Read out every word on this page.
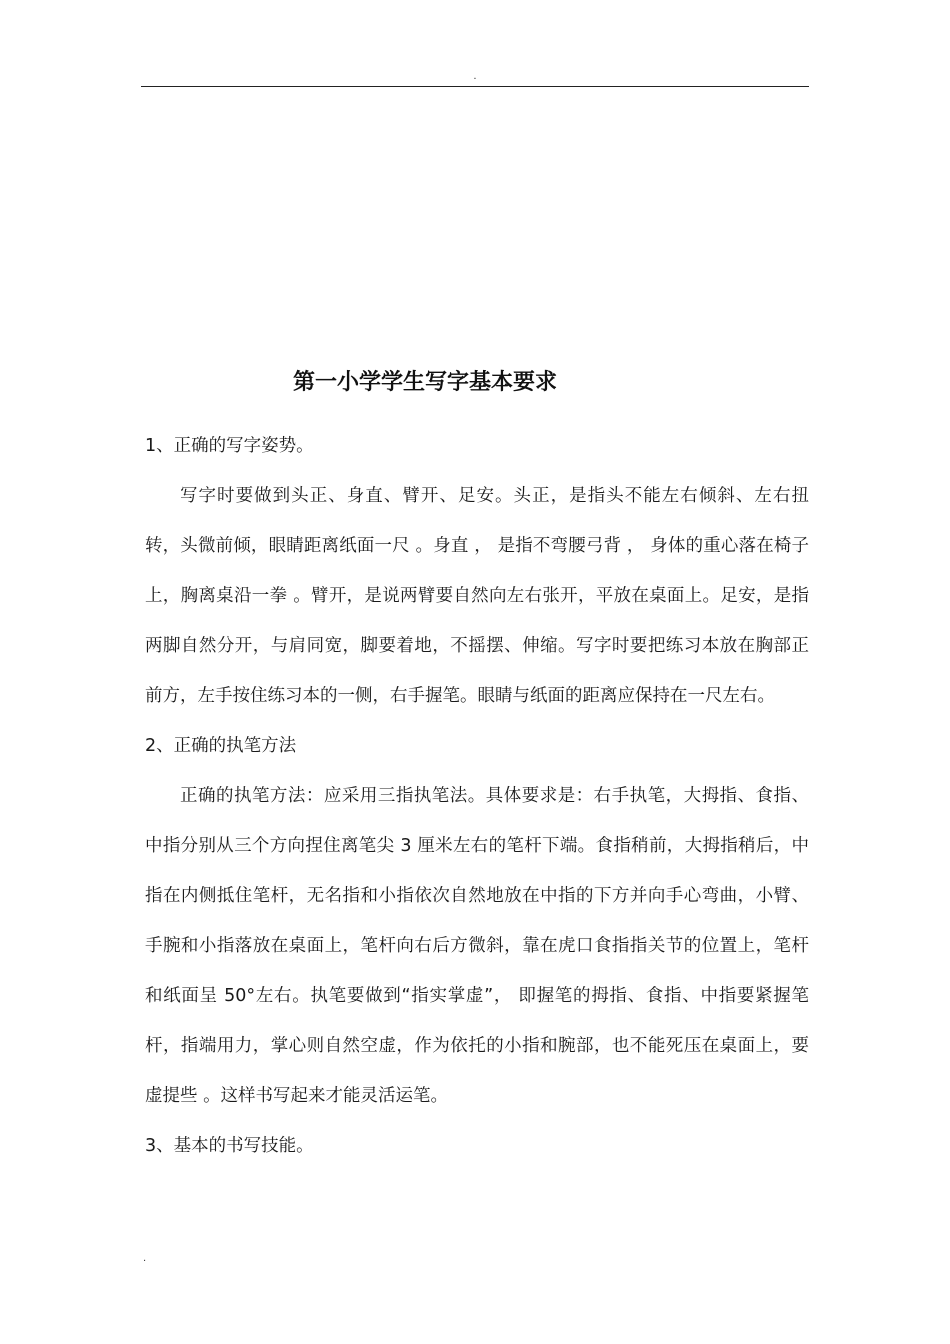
.
第一小学学生写字基本要求

1、正确的写字姿势。

写字时要做到头正、身直、臂开、足安。头正，是指头不能左右倾斜、左右扭转，头微前倾，眼睛距离纸面一尺 。身直 ， 是指不弯腰弓背 ， 身体的重心落在椅子上，胸离桌沿一拳 。臂开，是说两臂要自然向左右张开，平放在桌面上。足安，是指两脚自然分开，与肩同宽，脚要着地，不摇摆、伸缩。写字时要把练习本放在胸部正前方，左手按住练习本的一侧，右手握笔。眼睛与纸面的距离应保持在一尺左右。

2、正确的执笔方法

正确的执笔方法：应采用三指执笔法。具体要求是：右手执笔，大拇指、食指、中指分别从三个方向捏住离笔尖 3 厘米左右的笔杆下端。食指稍前，大拇指稍后，中指在内侧抵住笔杆，无名指和小指依次自然地放在中指的下方并向手心弯曲，小臂、手腕和小指落放在桌面上，笔杆向右后方微斜，靠在虎口食指指关节的位置上，笔杆和纸面呈 50°左右。执笔要做到“指实掌虚”， 即握笔的拇指、食指、中指要紧握笔杆，指端用力，掌心则自然空虚，作为依托的小指和腕部，也不能死压在桌面上，要虚提些 。这样书写起来才能灵活运笔。

3、基本的书写技能。

.
